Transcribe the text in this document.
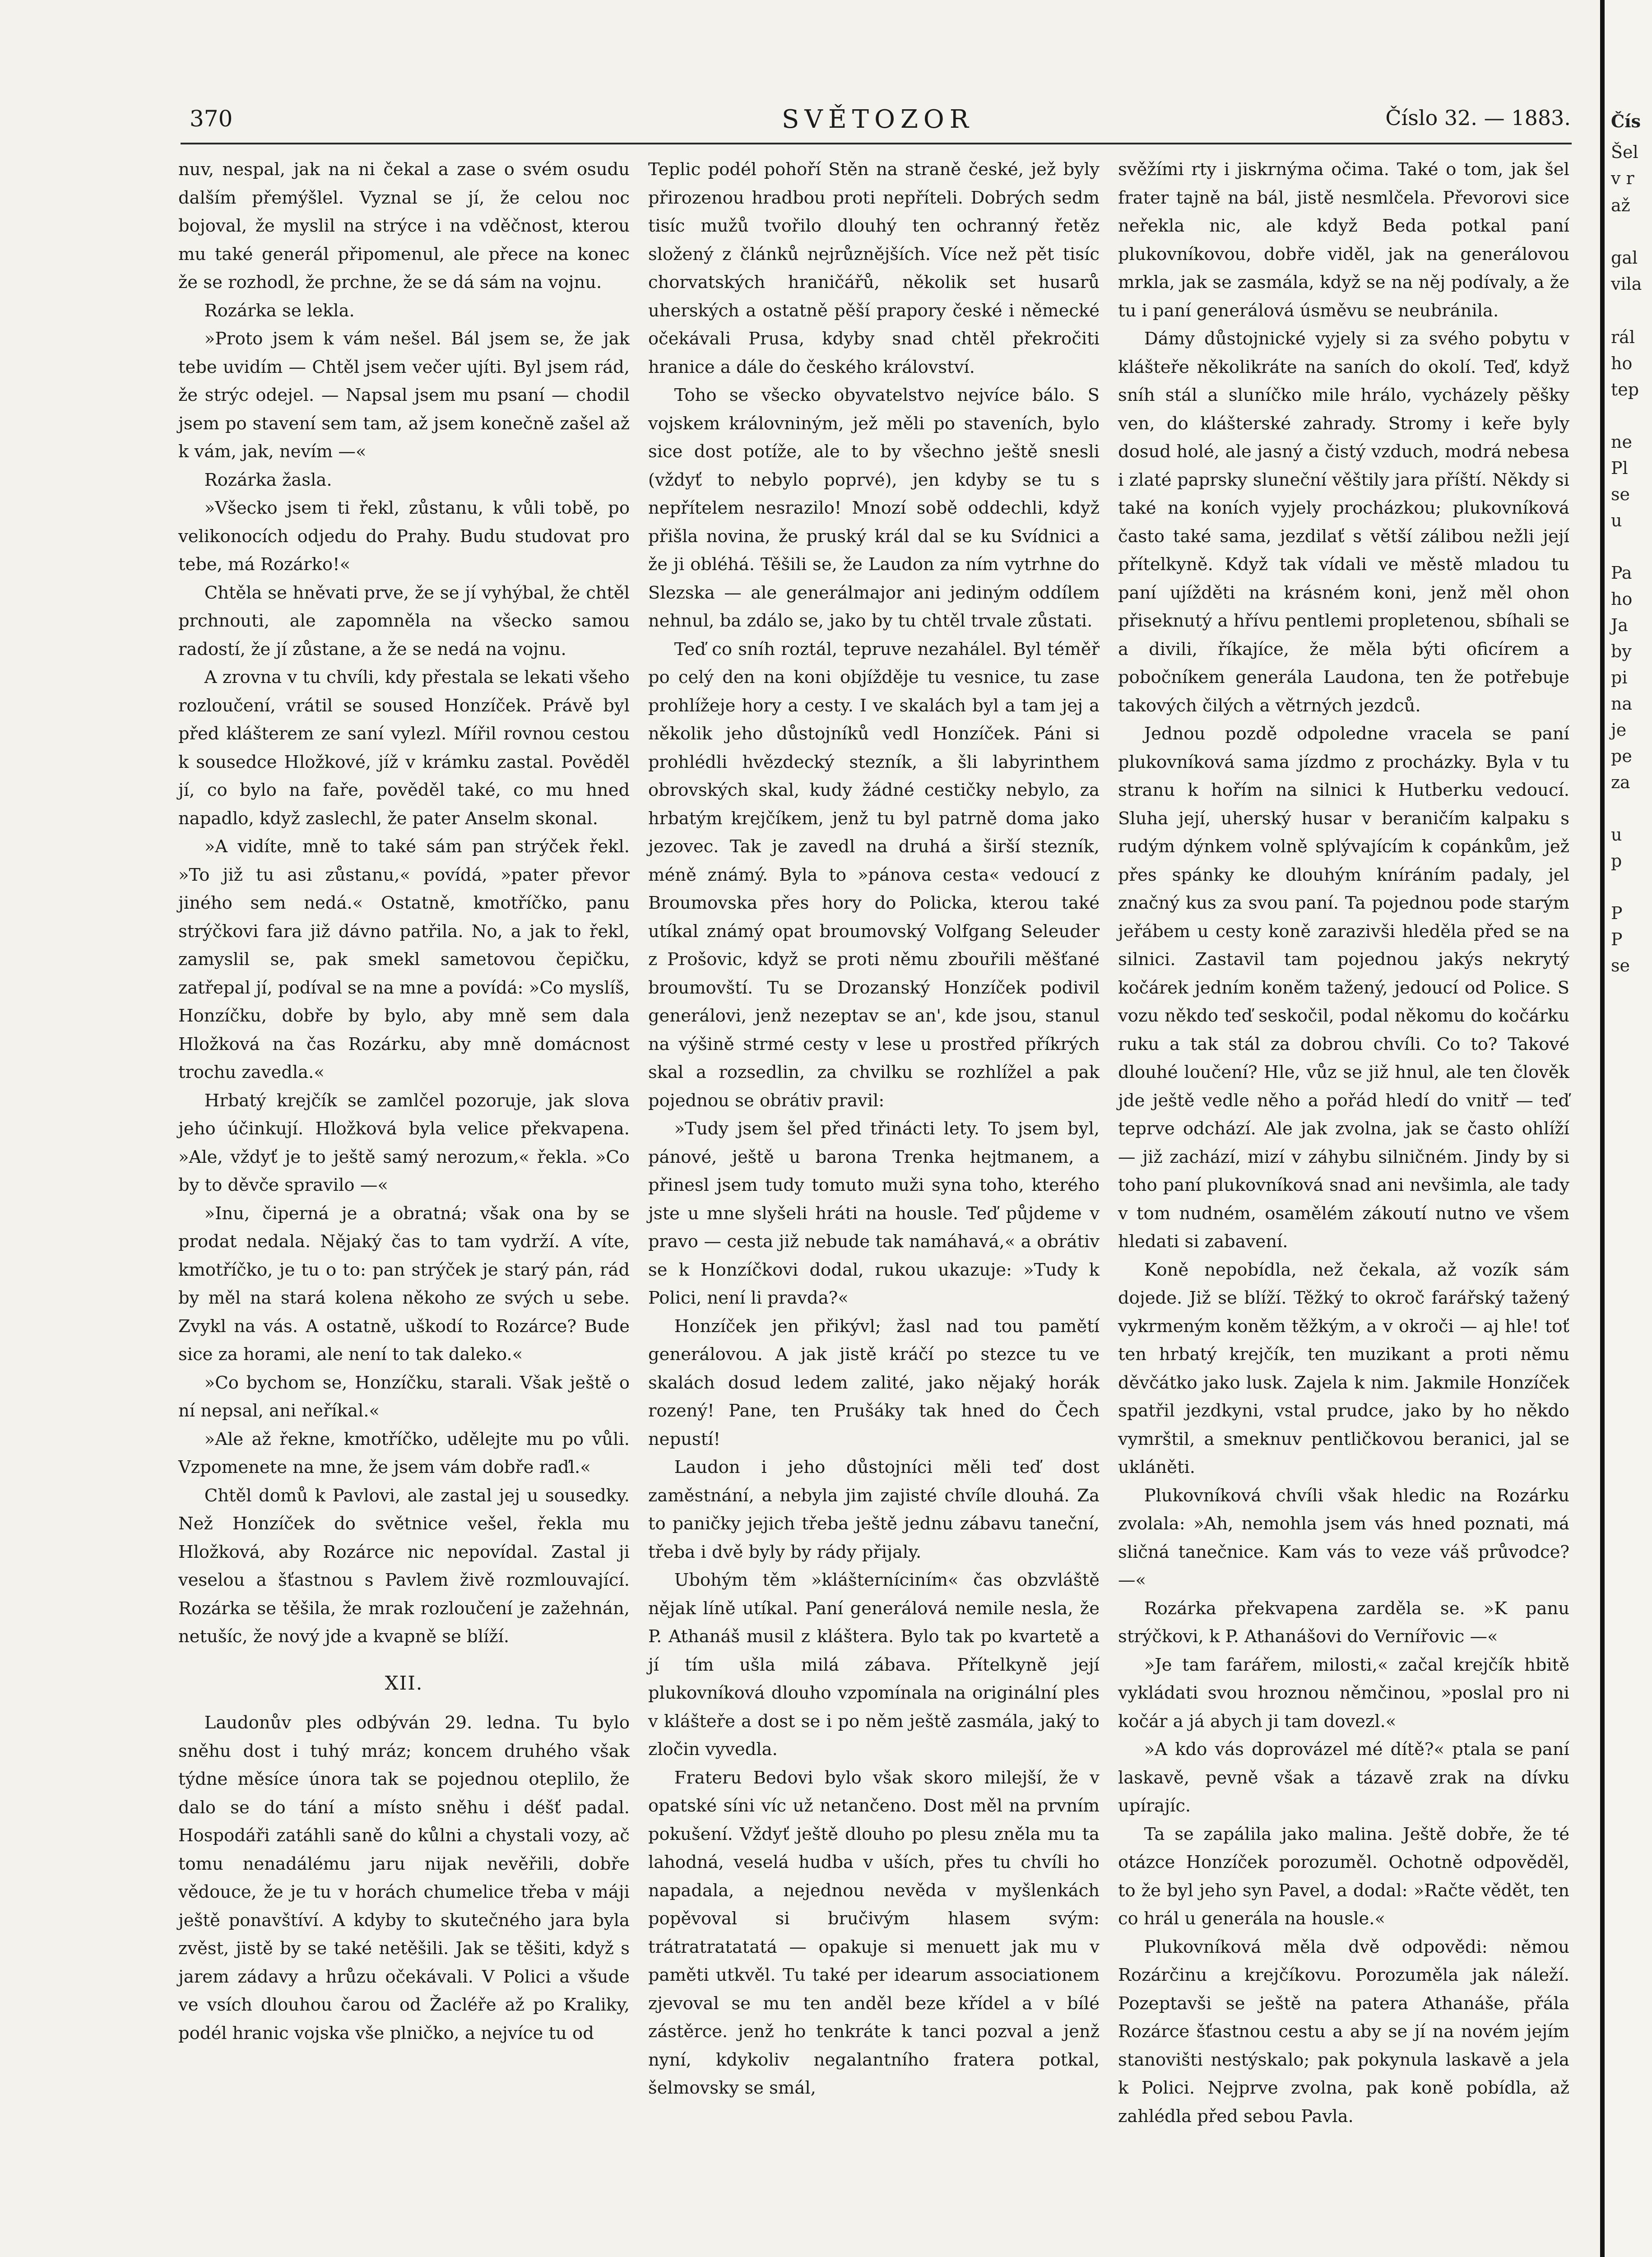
370	SVĚTOZOR	Číslo 32. — 1883.

nuv, nespal, jak na ni čekal a zase o svém osudu dalším přemýšlel. Vyznal se jí, že celou noc bojoval, že myslil na strýce i na vděčnost, kterou mu také generál připomenul, ale přece na konec že se rozhodl, že prchne, že se dá sám na vojnu.

Rozárka se lekla.

»Proto jsem k vám nešel. Bál jsem se, že jak tebe uvidím — Chtěl jsem večer ujíti. Byl jsem rád, že strýc odejel. — Napsal jsem mu psaní — chodil jsem po stavení sem tam, až jsem konečně zašel až k vám, jak, nevím —«

Rozárka žasla.

»Všecko jsem ti řekl, zůstanu, k vůli tobě, po velikonocích odjedu do Prahy. Budu studovat pro tebe, má Rozárko!«

Chtěla se hněvati prve, že se jí vyhýbal, že chtěl prchnouti, ale zapomněla na všecko samou radostí, že jí zůstane, a že se nedá na vojnu.

A zrovna v tu chvíli, kdy přestala se lekati všeho rozloučení, vrátil se soused Honzíček. Právě byl před klášterem ze saní vylezl. Mířil rovnou cestou k sousedce Hložkové, jíž v krámku zastal. Pověděl jí, co bylo na faře, pověděl také, co mu hned napadlo, když zaslechl, že pater Anselm skonal.

»A vidíte, mně to také sám pan strýček řekl. »To již tu asi zůstanu,« povídá, »pater převor jiného sem nedá.« Ostatně, kmotříčko, panu strýčkovi fara již dávno patřila. No, a jak to řekl, zamyslil se, pak smekl sametovou čepičku, zatřepal jí, podíval se na mne a povídá: »Co myslíš, Honzíčku, dobře by bylo, aby mně sem dala Hložková na čas Rozárku, aby mně domácnost trochu zavedla.«

Hrbatý krejčík se zamlčel pozoruje, jak slova jeho účinkují. Hložková byla velice překvapena. »Ale, vždyť je to ještě samý nerozum,« řekla. »Co by to děvče spravilo —«

»Inu, čiperná je a obratná; však ona by se prodat nedala. Nějaký čas to tam vydrží. A víte, kmotříčko, je tu o to: pan strýček je starý pán, rád by měl na stará kolena někoho ze svých u sebe. Zvykl na vás. A ostatně, uškodí to Rozárce? Bude sice za horami, ale není to tak daleko.«

»Co bychom se, Honzíčku, starali. Však ještě o ní nepsal, ani neříkal.«

»Ale až řekne, kmotříčko, udělejte mu po vůli. Vzpomenete na mne, že jsem vám dobře raďl.«

Chtěl domů k Pavlovi, ale zastal jej u sousedky. Než Honzíček do světnice vešel, řekla mu Hložková, aby Rozárce nic nepovídal. Zastal ji veselou a šťastnou s Pavlem živě rozmlouvající. Rozárka se těšila, že mrak rozloučení je zažehnán, netušíc, že nový jde a kvapně se blíží.

XII.

Laudonův ples odbýván 29. ledna. Tu bylo sněhu dost i tuhý mráz; koncem druhého však týdne měsíce února tak se pojednou oteplilo, že dalo se do tání a místo sněhu i déšť padal. Hospodáři zatáhli saně do kůlni a chystali vozy, ač tomu nenadálému jaru nijak nevěřili, dobře vědouce, že je tu v horách chumelice třeba v máji ještě ponavštíví. A kdyby to skutečného jara byla zvěst, jistě by se také netěšili. Jak se těšiti, když s jarem zádavy a hrůzu očekávali. V Polici a všude ve vsích dlouhou čarou od Žacléře až po Kraliky, podél hranic vojska vše plničko, a nejvíce tu od

Teplic podél pohoří Stěn na straně české, jež byly přirozenou hradbou proti nepříteli. Dobrých sedm tisíc mužů tvořilo dlouhý ten ochranný řetěz složený z článků nejrůznějších. Více než pět tisíc chorvatských hraničářů, několik set husarů uherských a ostatně pěší prapory české i německé očekávali Prusa, kdyby snad chtěl překročiti hranice a dále do českého království.

Toho se všecko obyvatelstvo nejvíce bálo. S vojskem královniným, jež měli po staveních, bylo sice dost potíže, ale to by všechno ještě snesli (vždyť to nebylo poprvé), jen kdyby se tu s nepřítelem nesrazilo! Mnozí sobě oddechli, když přišla novina, že pruský král dal se ku Svídnici a že ji obléhá. Těšili se, že Laudon za ním vytrhne do Slezska — ale generálmajor ani jediným oddílem nehnul, ba zdálo se, jako by tu chtěl trvale zůstati.

Teď co sníh roztál, tepruve nezahálel. Byl téměř po celý den na koni objížděje tu vesnice, tu zase prohlížeje hory a cesty. I ve skalách byl a tam jej a několik jeho důstojníků vedl Honzíček. Páni si prohlédli hvězdecký stezník, a šli labyrinthem obrovských skal, kudy žádné cestičky nebylo, za hrbatým krejčíkem, jenž tu byl patrně doma jako jezovec. Tak je zavedl na druhá a širší stezník, méně známý. Byla to »pánova cesta« vedoucí z Broumovska přes hory do Policka, kterou také utíkal známý opat broumovský Volfgang Seleuder z Prošovic, když se proti němu zbouřili měšťané broumovští. Tu se Drozanský Honzíček podivil generálovi, jenž nezeptav se an', kde jsou, stanul na výšině strmé cesty v lese u prostřed příkrých skal a rozsedlin, za chvilku se rozhlížel a pak pojednou se obrátiv pravil:

»Tudy jsem šel před třinácti lety. To jsem byl, pánové, ještě u barona Trenka hejtmanem, a přinesl jsem tudy tomuto muži syna toho, kterého jste u mne slyšeli hráti na housle. Teď půjdeme v pravo — cesta již nebude tak namáhavá,« a obrátiv se k Honzíčkovi dodal, rukou ukazuje: »Tudy k Polici, není li pravda?«

Honzíček jen přikývl; žasl nad tou pamětí generálovou. A jak jistě kráčí po stezce tu ve skalách dosud ledem zalité, jako nějaký horák rozený! Pane, ten Prušáky tak hned do Čech nepustí!

Laudon i jeho důstojníci měli teď dost zaměstnání, a nebyla jim zajisté chvíle dlouhá. Za to paničky jejich třeba ještě jednu zábavu taneční, třeba i dvě byly by rády přijaly.

Ubohým těm »klášterníciním« čas obzvláště nějak líně utíkal. Paní generálová nemile nesla, že P. Athanáš musil z kláštera. Bylo tak po kvartetě a jí tím ušla milá zábava. Přítelkyně její plukovníková dlouho vzpomínala na originální ples v klášteře a dost se i po něm ještě zasmála, jaký to zločin vyvedla.

Frateru Bedovi bylo však skoro milejší, že v opatské síni víc už netančeno. Dost měl na prvním pokušení. Vždyť ještě dlouho po plesu zněla mu ta lahodná, veselá hudba v uších, přes tu chvíli ho napadala, a nejednou nevěda v myšlenkách popěvoval si bručivým hlasem svým: trátratratatatá — opakuje si menuett jak mu v paměti utkvěl. Tu také per idearum associationem zjevoval se mu ten anděl beze křídel a v bílé zástěrce. jenž ho tenkráte k tanci pozval a jenž nyní, kdykoliv negalantního fratera potkal, šelmovsky se smál,

svěžími rty i jiskrnýma očima. Také o tom, jak šel frater tajně na bál, jistě nesmlčela. Převorovi sice neřekla nic, ale když Beda potkal paní plukovníkovou, dobře viděl, jak na generálovou mrkla, jak se zasmála, když se na něj podívaly, a že tu i paní generálová úsměvu se neubránila.

Dámy důstojnické vyjely si za svého pobytu v klášteře několikráte na saních do okolí. Teď, když sníh stál a sluníčko mile hrálo, vycházely pěšky ven, do klášterské zahrady. Stromy i keře byly dosud holé, ale jasný a čistý vzduch, modrá nebesa i zlaté paprsky sluneční věštily jara příští. Někdy si také na koních vyjely procházkou; plukovníková často také sama, jezdilať s větší zálibou nežli její přítelkyně. Když tak vídali ve městě mladou tu paní ujížděti na krásném koni, jenž měl ohon přiseknutý a hřívu pentlemi propletenou, sbíhali se a divili, říkajíce, že měla býti oficírem a pobočníkem generála Laudona, ten že potřebuje takových čilých a větrných jezdců.

Jednou pozdě odpoledne vracela se paní plukovníková sama jízdmo z procházky. Byla v tu stranu k hořím na silnici k Hutberku vedoucí. Sluha její, uherský husar v beraničím kalpaku s rudým dýnkem volně splývajícím k copánkům, jež přes spánky ke dlouhým kníráním padaly, jel značný kus za svou paní. Ta pojednou pode starým jeřábem u cesty koně zarazivši hleděla před se na silnici. Zastavil tam pojednou jakýs nekrytý kočárek jedním koněm tažený, jedoucí od Police. S vozu někdo teď seskočil, podal někomu do kočárku ruku a tak stál za dobrou chvíli. Co to? Takové dlouhé loučení? Hle, vůz se již hnul, ale ten člověk jde ještě vedle něho a pořád hledí do vnitř — teď teprve odchází. Ale jak zvolna, jak se často ohlíží — již zachází, mizí v záhybu silničném. Jindy by si toho paní plukovníková snad ani nevšimla, ale tady v tom nudném, osamělém zákoutí nutno ve všem hledati si zabavení.

Koně nepobídla, než čekala, až vozík sám dojede. Již se blíží. Těžký to okroč farářský tažený vykrmeným koněm těžkým, a v okroči — aj hle! toť ten hrbatý krejčík, ten muzikant a proti němu děvčátko jako lusk. Zajela k nim. Jakmile Honzíček spatřil jezdkyni, vstal prudce, jako by ho někdo vymrštil, a smeknuv pentličkovou beranici, jal se ukláněti.

Plukovníková chvíli však hledic na Rozárku zvolala: »Ah, nemohla jsem vás hned poznati, má sličná tanečnice. Kam vás to veze váš průvodce? —«

Rozárka překvapena zarděla se. »K panu strýčkovi, k P. Athanášovi do Vernířovic —«

»Je tam farářem, milosti,« začal krejčík hbitě vykládati svou hroznou němčinou, »poslal pro ni kočár a já abych ji tam dovezl.«

»A kdo vás doprovázel mé dítě?« ptala se paní laskavě, pevně však a tázavě zrak na dívku upírajíc.

Ta se zapálila jako malina. Ještě dobře, že té otázce Honzíček porozuměl. Ochotně odpověděl, to že byl jeho syn Pavel, a dodal: »Račte vědět, ten co hrál u generála na housle.«

Plukovníková měla dvě odpovědi: němou Rozárčinu a krejčíkovu. Porozuměla jak náleží. Pozeptavši se ještě na patera Athanáše, přála Rozárce šťastnou cestu a aby se jí na novém jejím stanovišti nestýskalo; pak pokynula laskavě a jela k Polici. Nejprve zvolna, pak koně pobídla, až zahlédla před sebou Pavla.

Čís
Šel
v r
až
gal
vila
rál
ho
tep
ne
Pl
se
u
Pa
ho
Ja
by
pi
na
je
pe
za
u
p
P
P
se
